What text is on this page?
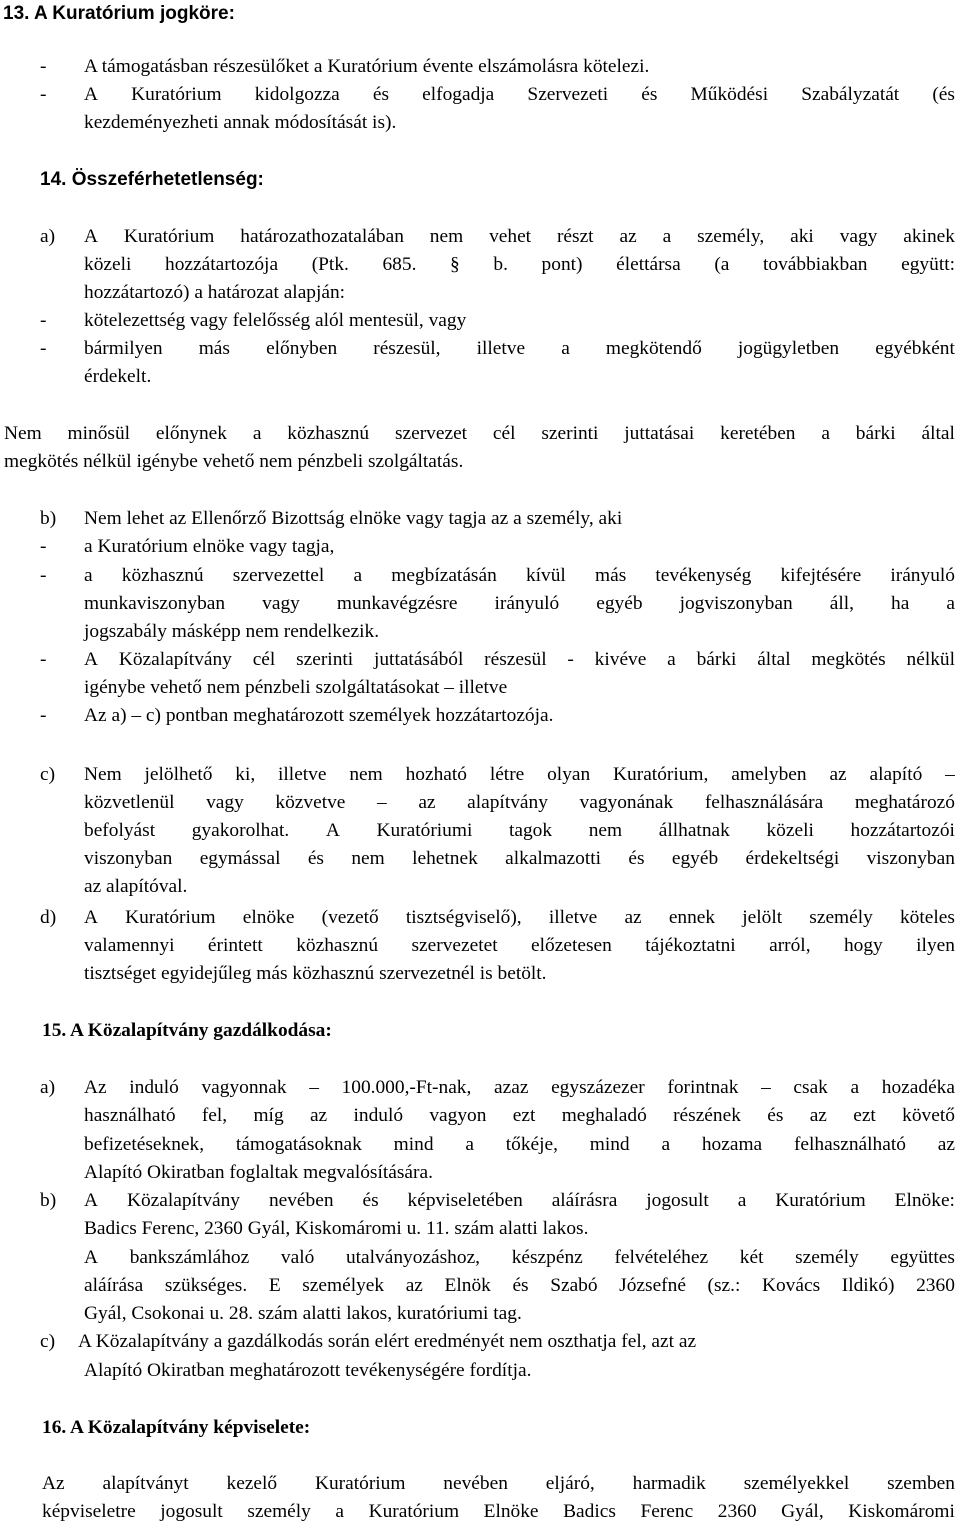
13. A Kuratórium jogköre:
- A támogatásban részesülőket a Kuratórium évente elszámolásra kötelezi.
- A Kuratórium kidolgozza és elfogadja Szervezeti és Működési Szabályzatát (és
kezdeményezheti annak módosítását is).
14. Összeférhetetlenség:
a) A Kuratórium határozathozatalában nem vehet részt az a személy, aki vagy akinek
közeli hozzátartozója (Ptk. 685. § b. pont) élettársa (a továbbiakban együtt:
hozzátartozó) a határozat alapján:
- kötelezettség vagy felelősség alól mentesül, vagy
- bármilyen más előnyben részesül, illetve a megkötendő jogügyletben egyébként
érdekelt.
Nem minősül előnynek a közhasznú szervezet cél szerinti juttatásai keretében a bárki által
megkötés nélkül igénybe vehető nem pénzbeli szolgáltatás.
b) Nem lehet az Ellenőrző Bizottság elnöke vagy tagja az a személy, aki
- a Kuratórium elnöke vagy tagja,
- a közhasznú szervezettel a megbízatásán kívül más tevékenység kifejtésére irányuló
munkaviszonyban vagy munkavégzésre irányuló egyéb jogviszonyban áll, ha a
jogszabály másképp nem rendelkezik.
- A Közalapítvány cél szerinti juttatásából részesül - kivéve a bárki által megkötés nélkül
igénybe vehető nem pénzbeli szolgáltatásokat – illetve
- Az a) – c) pontban meghatározott személyek hozzátartozója.
c) Nem jelölhető ki, illetve nem hozható létre olyan Kuratórium, amelyben az alapító –
közvetlenül vagy közvetve – az alapítvány vagyonának felhasználására meghatározó
befolyást gyakorolhat. A Kuratóriumi tagok nem állhatnak közeli hozzátartozói
viszonyban egymással és nem lehetnek alkalmazotti és egyéb érdekeltségi viszonyban
az alapítóval.
d) A Kuratórium elnöke (vezető tisztségviselő), illetve az ennek jelölt személy köteles
valamennyi érintett közhasznú szervezetet előzetesen tájékoztatni arról, hogy ilyen
tisztséget egyidejűleg más közhasznú szervezetnél is betölt.
15. A Közalapítvány gazdálkodása:
a) Az induló vagyonnak – 100.000,-Ft-nak, azaz egyszázezer forintnak – csak a hozadéka
használható fel, míg az induló vagyon ezt meghaladó részének és az ezt követő
befizetéseknek, támogatásoknak mind a tőkéje, mind a hozama felhasználható az
Alapító Okiratban foglaltak megvalósítására.
b) A Közalapítvány nevében és képviseletében aláírásra jogosult a Kuratórium Elnöke:
Badics Ferenc, 2360 Gyál, Kiskomáromi u. 11. szám alatti lakos.
A bankszámlához való utalványozáshoz, készpénz felvételéhez két személy együttes
aláírása szükséges. E személyek az Elnök és Szabó Józsefné (sz.: Kovács Ildikó) 2360
Gyál, Csokonai u. 28. szám alatti lakos, kuratóriumi tag.
c) A Közalapítvány a gazdálkodás során elért eredményét nem oszthatja fel, azt az
Alapító Okiratban meghatározott tevékenységére fordítja.
16. A Közalapítvány képviselete:
Az alapítványt kezelő Kuratórium nevében eljáró, harmadik személyekkel szemben
képviseletre jogosult személy a Kuratórium Elnöke Badics Ferenc 2360 Gyál, Kiskomáromi
